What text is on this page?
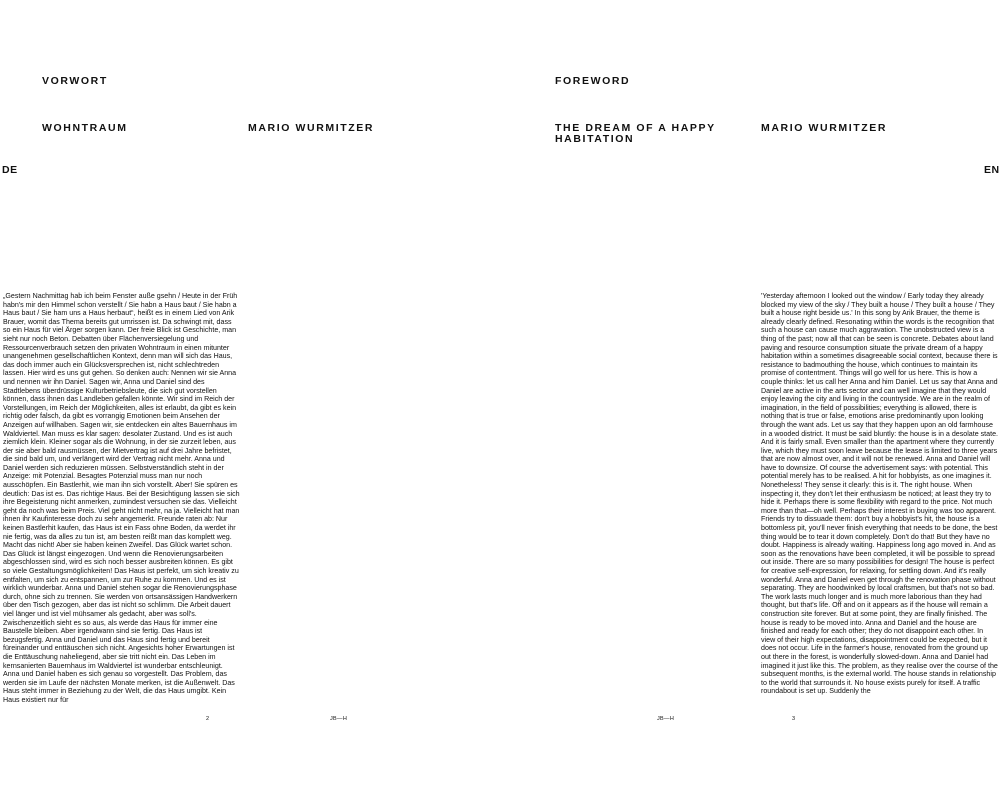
VORWORT
WOHNTRAUM	MARIO WURMITZER
DE

„Gestern Nachmittag hab ich beim Fenster auße gsehn / Heute in der Früh habn's mir den Himmel schon verstellt / Sie habn a Haus baut / Sie habn a Haus baut / Sie ham uns a Haus herbaut“, heißt es in einem Lied von Arik Brauer, womit das Thema bereits gut umrissen ist. Da schwingt mit, dass so ein Haus für viel Ärger sorgen kann. Der freie Blick ist Geschichte, man sieht nur noch Beton. Debatten über Flächenversiegelung und Ressourcenverbrauch setzen den privaten Wohntraum in einen mitunter unangenehmen gesellschaftlichen Kontext, denn man will sich das Haus, das doch immer auch ein Glücksversprechen ist, nicht schlechtreden lassen. Hier wird es uns gut gehen. So denken auch: Nennen wir sie Anna und nennen wir ihn Daniel. Sagen wir, Anna und Daniel sind des Stadtlebens überdrüssige Kulturbetriebsleute, die sich gut vorstellen können, dass ihnen das Landleben gefallen könnte. Wir sind im Reich der Vorstellungen, im Reich der Möglichkeiten, alles ist erlaubt, da gibt es kein richtig oder falsch, da gibt es vorrangig Emotionen beim Ansehen der Anzeigen auf willhaben. Sagen wir, sie entdecken ein altes Bauernhaus im Waldviertel. Man muss es klar sagen: desolater Zustand. Und es ist auch ziemlich klein. Kleiner sogar als die Wohnung, in der sie zurzeit leben, aus der sie aber bald rausmüssen, der Mietvertrag ist auf drei Jahre befristet, die sind bald um, und verlängert wird der Vertrag nicht mehr. Anna und Daniel werden sich reduzieren müssen. Selbstverständlich steht in der Anzeige: mit Potenzial. Besagtes Potenzial muss man nur noch ausschöpfen. Ein Bastlerhit, wie man ihn sich vorstellt. Aber! Sie spüren es deutlich: Das ist es. Das richtige Haus. Bei der Besichtigung lassen sie sich ihre Begeisterung nicht anmerken, zumindest versuchen sie das. Vielleicht geht da noch was beim Preis. Viel geht nicht mehr, na ja. Vielleicht hat man ihnen ihr Kaufinteresse doch zu sehr angemerkt. Freunde raten ab: Nur keinen Bastlerhit kaufen, das Haus ist ein Fass ohne Boden, da werdet ihr nie fertig, was da alles zu tun ist, am besten reißt man das komplett weg. Macht das nicht! Aber sie haben keinen Zweifel. Das Glück wartet schon. Das Glück ist längst eingezogen. Und wenn die Renovierungsarbeiten abgeschlossen sind, wird es sich noch besser ausbreiten können. Es gibt so viele Gestaltungsmöglichkeiten! Das Haus ist perfekt, um sich kreativ zu entfalten, um sich zu entspannen, um zur Ruhe zu kommen. Und es ist wirklich wunderbar. Anna und Daniel stehen sogar die Renovierungsphase durch, ohne sich zu trennen. Sie werden von ortsansässigen Handwerkern über den Tisch gezogen, aber das ist nicht so schlimm. Die Arbeit dauert viel länger und ist viel mühsamer als gedacht, aber was soll's. Zwischenzeitlich sieht es so aus, als werde das Haus für immer eine Baustelle bleiben. Aber irgendwann sind sie fertig. Das Haus ist bezugsfertig. Anna und Daniel und das Haus sind fertig und bereit füreinander und enttäuschen sich nicht. Angesichts hoher Erwartungen ist die Enttäuschung naheliegend, aber sie tritt nicht ein. Das Leben im kernsanierten Bauernhaus im Waldviertel ist wunderbar entschleunigt. Anna und Daniel haben es sich genau so vorgestellt. Das Problem, das werden sie im Laufe der nächsten Monate merken, ist die Außenwelt. Das Haus steht immer in Beziehung zu der Welt, die das Haus umgibt. Kein Haus existiert nur für

2	JB—H
FOREWORD
THE DREAM OF A HAPPY HABITATION
MARIO WURMITZER
EN

'Yesterday afternoon I looked out the window / Early today they already blocked my view of the sky / They built a house / They built a house / They built a house right beside us.' In this song by Arik Brauer, the theme is already clearly defined. Resonating within the words is the recognition that such a house can cause much aggravation. The unobstructed view is a thing of the past; now all that can be seen is concrete. Debates about land paving and resource consumption situate the private dream of a happy habitation within a sometimes disagreeable social context, because there is resistance to badmouthing the house, which continues to maintain its promise of contentment. Things will go well for us here. This is how a couple thinks: let us call her Anna and him Daniel. Let us say that Anna and Daniel are active in the arts sector and can well imagine that they would enjoy leaving the city and living in the countryside. We are in the realm of imagination, in the field of possibilities; everything is allowed, there is nothing that is true or false, emotions arise predominantly upon looking through the want ads. Let us say that they happen upon an old farmhouse in a wooded district. It must be said bluntly: the house is in a desolate state. And it is fairly small. Even smaller than the apartment where they currently live, which they must soon leave because the lease is limited to three years that are now almost over, and it will not be renewed. Anna and Daniel will have to downsize. Of course the advertisement says: with potential. This potential merely has to be realised. A hit for hobbyists, as one imagines it. Nonetheless! They sense it clearly: this is it. The right house. When inspecting it, they don't let their enthusiasm be noticed; at least they try to hide it. Perhaps there is some flexibility with regard to the price. Not much more than that—oh well. Perhaps their interest in buying was too apparent. Friends try to dissuade them: don't buy a hobbyist's hit, the house is a bottomless pit, you'll never finish everything that needs to be done, the best thing would be to tear it down completely. Don't do that! But they have no doubt. Happiness is already waiting. Happiness long ago moved in. And as soon as the renovations have been completed, it will be possible to spread out inside. There are so many possibilities for design! The house is perfect for creative self-expression, for relaxing, for settling down. And it's really wonderful. Anna and Daniel even get through the renovation phase without separating. They are hoodwinked by local craftsmen, but that's not so bad. The work lasts much longer and is much more laborious than they had thought, but that's life. Off and on it appears as if the house will remain a construction site forever. But at some point, they are finally finished. The house is ready to be moved into. Anna and Daniel and the house are finished and ready for each other; they do not disappoint each other. In view of their high expectations, disappointment could be expected, but it does not occur. Life in the farmer's house, renovated from the ground up out there in the forest, is wonderfully slowed-down. Anna and Daniel had imagined it just like this. The problem, as they realise over the course of the subsequent months, is the external world. The house stands in relationship to the world that surrounds it. No house exists purely for itself. A traffic roundabout is set up. Suddenly the

JB—H	3
